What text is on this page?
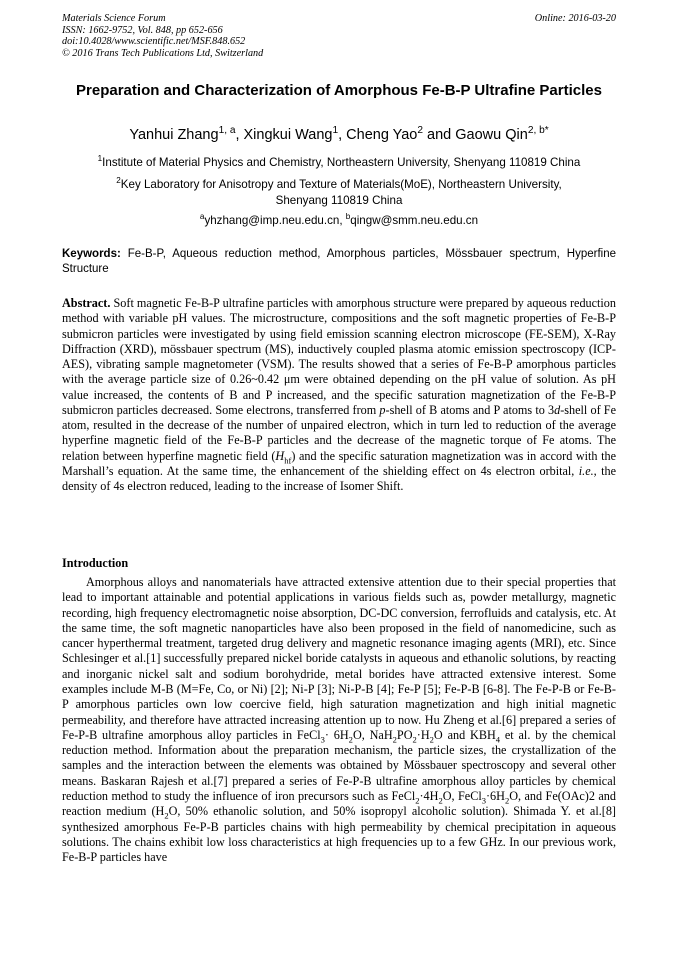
Materials Science Forum
ISSN: 1662-9752, Vol. 848, pp 652-656
doi:10.4028/www.scientific.net/MSF.848.652
© 2016 Trans Tech Publications Ltd, Switzerland
Online: 2016-03-20
Preparation and Characterization of Amorphous Fe-B-P Ultrafine Particles
Yanhui Zhang$^{1, a}$, Xingkui Wang$^1$, Cheng Yao$^2$ and Gaowu Qin$^{2, b*}$
$^1$Institute of Material Physics and Chemistry, Northeastern University, Shenyang 110819 China
$^2$Key Laboratory for Anisotropy and Texture of Materials(MoE), Northeastern University, Shenyang 110819 China
$^a$yhzhang@imp.neu.edu.cn, $^b$qingw@smm.neu.edu.cn
Keywords: Fe-B-P, Aqueous reduction method, Amorphous particles, Mössbauer spectrum, Hyperfine Structure
Abstract. Soft magnetic Fe-B-P ultrafine particles with amorphous structure were prepared by aqueous reduction method with variable pH values. The microstructure, compositions and the soft magnetic properties of Fe-B-P submicron particles were investigated by using field emission scanning electron microscope (FE-SEM), X-Ray Diffraction (XRD), mössbauer spectrum (MS), inductively coupled plasma atomic emission spectroscopy (ICP-AES), vibrating sample magnetometer (VSM). The results showed that a series of Fe-B-P amorphous particles with the average particle size of 0.26~0.42 μm were obtained depending on the pH value of solution. As pH value increased, the contents of B and P increased, and the specific saturation magnetization of the Fe-B-P submicron particles decreased. Some electrons, transferred from p-shell of B atoms and P atoms to 3d-shell of Fe atom, resulted in the decrease of the number of unpaired electron, which in turn led to reduction of the average hyperfine magnetic field of the Fe-B-P particles and the decrease of the magnetic torque of Fe atoms. The relation between hyperfine magnetic field $(H_{hf})$ and the specific saturation magnetization was in accord with the Marshall’s equation. At the same time, the enhancement of the shielding effect on 4s electron orbital, i.e., the density of 4s electron reduced, leading to the increase of Isomer Shift.
Introduction
Amorphous alloys and nanomaterials have attracted extensive attention due to their special properties that lead to important attainable and potential applications in various fields such as, powder metallurgy, magnetic recording, high frequency electromagnetic noise absorption, DC-DC conversion, ferrofluids and catalysis, etc. At the same time, the soft magnetic nanoparticles have also been proposed in the field of nanomedicine, such as cancer hyperthermal treatment, targeted drug delivery and magnetic resonance imaging agents (MRI), etc. Since Schlesinger et al.[1] successfully prepared nickel boride catalysts in aqueous and ethanolic solutions, by reacting and inorganic nickel salt and sodium borohydride, metal borides have attracted extensive interest. Some examples include M-B (M=Fe, Co, or Ni) [2]; Ni-P [3]; Ni-P-B [4]; Fe-P [5]; Fe-P-B [6-8]. The Fe-P-B or Fe-B-P amorphous particles own low coercive field, high saturation magnetization and high initial magnetic permeability, and therefore have attracted increasing attention up to now. Hu Zheng et al.[6] prepared a series of Fe-P-B ultrafine amorphous alloy particles in FeCl$_3$· $6H_2O$, $NaH_2PO_2\cdot H_2O$ and $KBH_4$ et al. by the chemical reduction method. Information about the preparation mechanism, the particle sizes, the crystallization of the samples and the interaction between the elements was obtained by Mössbauer spectroscopy and several other means. Baskaran Rajesh et al.[7] prepared a series of Fe-P-B ultrafine amorphous alloy particles by chemical reduction method to study the influence of iron precursors such as $FeCl_2\cdot 4H_2O$, $FeCl_3\cdot 6H_2O$, and Fe(OAc)2 and reaction medium ($H_2O$, 50% ethanolic solution, and 50% isopropyl alcoholic solution). Shimada Y. et al.[8] synthesized amorphous Fe-P-B particles chains with high permeability by chemical precipitation in aqueous solutions. The chains exhibit low loss characteristics at high frequencies up to a few GHz. In our previous work, Fe-B-P particles have
